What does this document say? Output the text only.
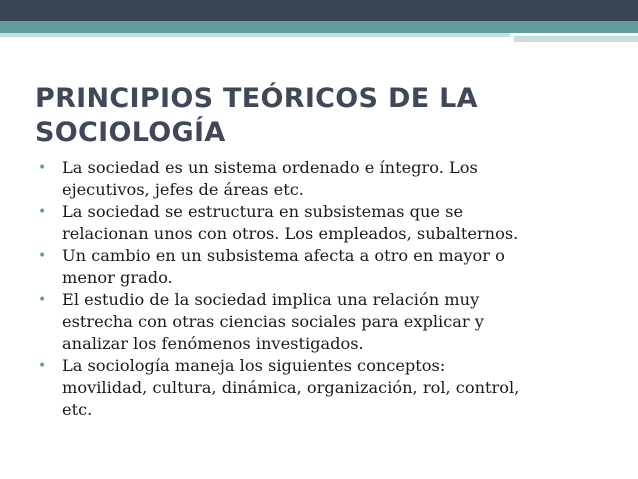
PRINCIPIOS TEÓRICOS DE LA
SOCIOLOGÍA
• La sociedad es un sistema ordenado e íntegro. Los
ejecutivos, jefes de áreas etc.
• La sociedad se estructura en subsistemas que se
relacionan unos con otros. Los empleados, subalternos.
• Un cambio en un subsistema afecta a otro en mayor o
menor grado.
• El estudio de la sociedad implica una relación muy
estrecha con otras ciencias sociales para explicar y
analizar los fenómenos investigados.
• La sociología maneja los siguientes conceptos:
movilidad, cultura, dinámica, organización, rol, control,
etc.
